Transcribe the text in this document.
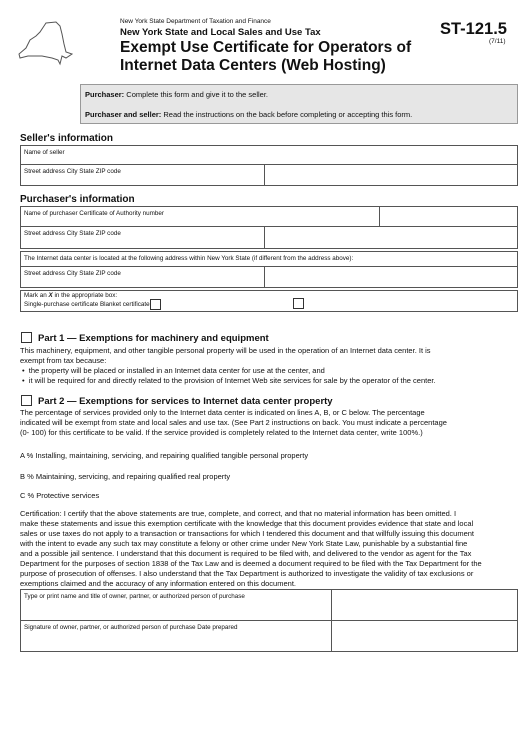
New York State Department of Taxation and Finance
New York State and Local Sales and Use Tax
Exempt Use Certificate for Operators of
Internet Data Centers (Web Hosting)
ST-121.5
(7/11)
Purchaser: Complete this form and give it to the seller.
Purchaser and seller: Read the instructions on the back before completing or accepting this form.
Seller's information
Name of seller
Street address City State ZIP code
Purchaser's information
Name of purchaser Certificate of Authority number
Street address City State ZIP code
The Internet data center is located at the following address within New York State (if different from the address above):
Street address City State ZIP code
Mark an X in the appropriate box:
Single-purchase certificate Blanket certificate
Part 1 — Exemptions for machinery and equipment
This machinery, equipment, and other tangible personal property will be used in the operation of an Internet data center. It is
exempt from tax because:
•  the property will be placed or installed in an Internet data center for use at the center, and
•  it will be required for and directly related to the provision of Internet Web site services for sale by the operator of the center.
Part 2 — Exemptions for services to Internet data center property
The percentage of services provided only to the Internet data center is indicated on lines A, B, or C below. The percentage
indicated will be exempt from state and local sales and use tax. (See Part 2 instructions on back. You must indicate a percentage
(0- 100) for this certificate to be valid. If the service provided is completely related to the Internet data center, write 100%.)
A % Installing, maintaining, servicing, and repairing qualified tangible personal property
B % Maintaining, servicing, and repairing qualified real property
C % Protective services
Certification: I certify that the above statements are true, complete, and correct, and that no material information has been omitted. I
make these statements and issue this exemption certificate with the knowledge that this document provides evidence that state and local
sales or use taxes do not apply to a transaction or transactions for which I tendered this document and that willfully issuing this document
with the intent to evade any such tax may constitute a felony or other crime under New York State Law, punishable by a substantial fine
and a possible jail sentence. I understand that this document is required to be filed with, and delivered to the vendor as agent for the Tax
Department for the purposes of section 1838 of the Tax Law and is deemed a document required to be filed with the Tax Department for the
purpose of prosecution of offenses. I also understand that the Tax Department is authorized to investigate the validity of tax exclusions or
exemptions claimed and the accuracy of any information entered on this document.
Type or print name and title of owner, partner, or authorized person of purchase
Signature of owner, partner, or authorized person of purchase Date prepared
